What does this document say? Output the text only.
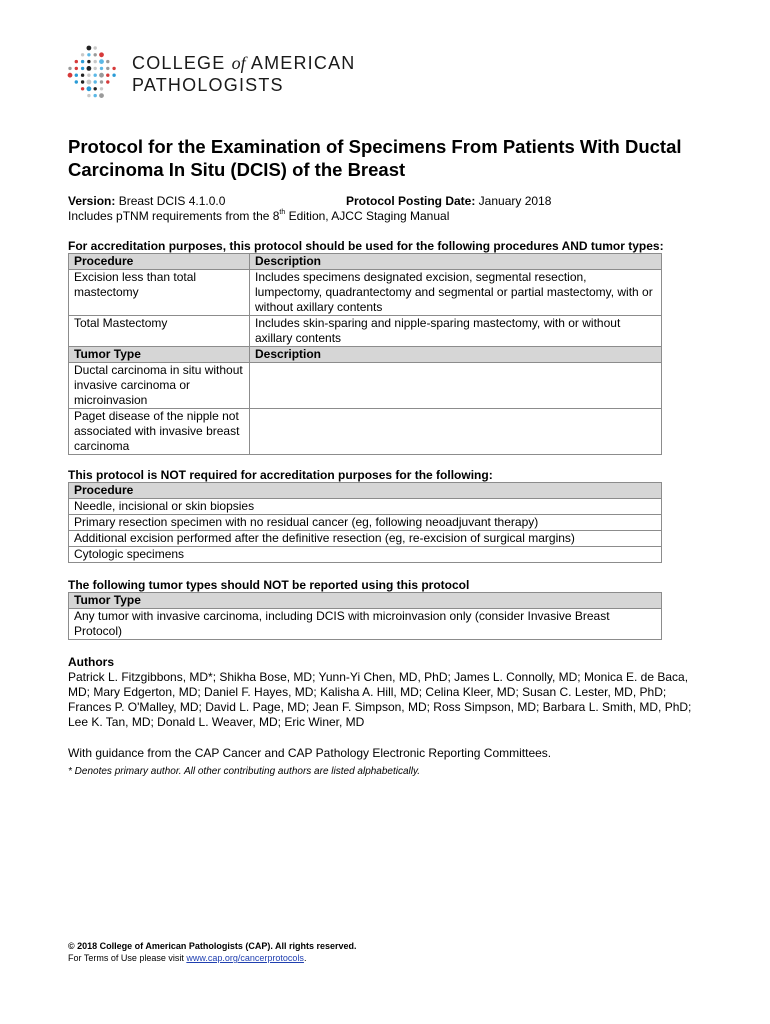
COLLEGE of AMERICAN
PATHOLOGISTS
Protocol for the Examination of Specimens From Patients With Ductal Carcinoma In Situ (DCIS) of the Breast
Version: Breast DCIS 4.1.0.0	Protocol Posting Date: January 2018
Includes pTNM requirements from the 8th Edition, AJCC Staging Manual
For accreditation purposes, this protocol should be used for the following procedures AND tumor types:
Procedure	Description
Excision less than total mastectomy	Includes specimens designated excision, segmental resection, lumpectomy, quadrantectomy and segmental or partial mastectomy, with or without axillary contents
Total Mastectomy	Includes skin-sparing and nipple-sparing mastectomy, with or without axillary contents
Tumor Type	Description
Ductal carcinoma in situ without invasive carcinoma or microinvasion	
Paget disease of the nipple not associated with invasive breast carcinoma	
This protocol is NOT required for accreditation purposes for the following:
Procedure
Needle, incisional or skin biopsies
Primary resection specimen with no residual cancer (eg, following neoadjuvant therapy)
Additional excision performed after the definitive resection (eg, re-excision of surgical margins)
Cytologic specimens
The following tumor types should NOT be reported using this protocol
Tumor Type
Any tumor with invasive carcinoma, including DCIS with microinvasion only (consider Invasive Breast Protocol)
Authors
Patrick L. Fitzgibbons, MD*; Shikha Bose, MD; Yunn-Yi Chen, MD, PhD; James L. Connolly, MD; Monica E. de Baca, MD; Mary Edgerton, MD; Daniel F. Hayes, MD; Kalisha A. Hill, MD; Celina Kleer, MD; Susan C. Lester, MD, PhD; Frances P. O'Malley, MD; David L. Page, MD; Jean F. Simpson, MD; Ross Simpson, MD; Barbara L. Smith, MD, PhD; Lee K. Tan, MD; Donald L. Weaver, MD; Eric Winer, MD
With guidance from the CAP Cancer and CAP Pathology Electronic Reporting Committees.
* Denotes primary author. All other contributing authors are listed alphabetically.
© 2018 College of American Pathologists (CAP). All rights reserved.
For Terms of Use please visit www.cap.org/cancerprotocols.
